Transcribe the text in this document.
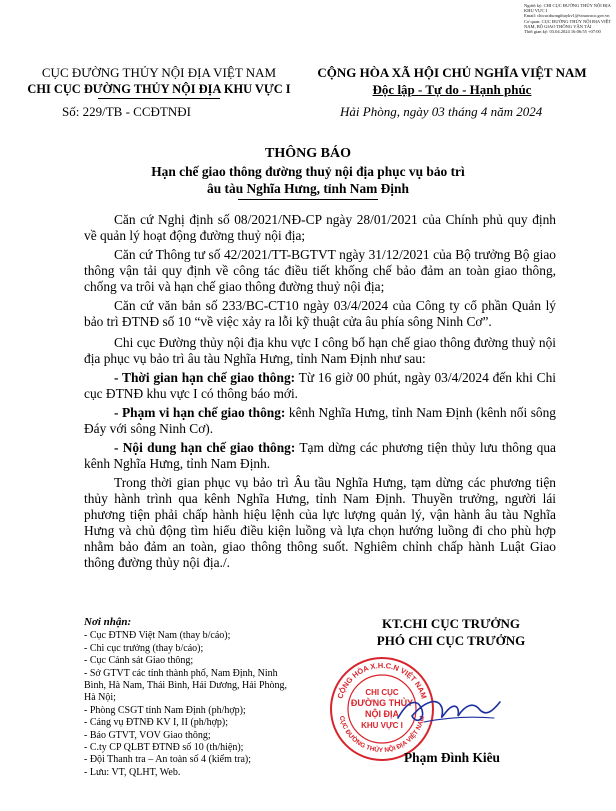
Người ký: CHI CỤC ĐƯỜNG THỦY NỘI ĐỊA KHU VỰC I
Email: chicucduongthuykv1@vinawaco.gov.vn
Cơ quan: CỤC ĐƯỜNG THỦY NỘI ĐỊA VIỆT NAM, BỘ GIAO THÔNG VẬN TẢI
Thời gian ký: 03.04.2024 16:06:55 +07:00
CỤC ĐƯỜNG THỦY NỘI ĐỊA VIỆT NAM
CHI CỤC ĐƯỜNG THỦY NỘI ĐỊA KHU VỰC I
Số: 229/TB - CCĐTNĐI
CỘNG HÒA XÃ HỘI CHỦ NGHĨA VIỆT NAM
Độc lập - Tự do - Hạnh phúc
Hải Phòng, ngày 03 tháng 4 năm 2024
THÔNG BÁO
Hạn chế giao thông đường thuỷ nội địa phục vụ bảo trì
âu tàu Nghĩa Hưng, tỉnh Nam Định

Căn cứ Nghị định số 08/2021/NĐ-CP ngày 28/01/2021 của Chính phủ quy định về quản lý hoạt động đường thuỷ nội địa;

Căn cứ Thông tư số 42/2021/TT-BGTVT ngày 31/12/2021 của Bộ trưởng Bộ giao thông vận tải quy định về công tác điều tiết khống chế bảo đảm an toàn giao thông, chống va trôi và hạn chế giao thông đường thuỷ nội địa;

Căn cứ văn bản số 233/BC-CT10 ngày 03/4/2024 của Công ty cổ phần Quản lý bảo trì ĐTNĐ số 10 “về việc xảy ra lỗi kỹ thuật cửa âu phía sông Ninh Cơ”.

Chi cục Đường thủy nội địa khu vực I công bố hạn chế giao thông đường thuỷ nội địa phục vụ bảo trì âu tàu Nghĩa Hưng, tỉnh Nam Định như sau:

- Thời gian hạn chế giao thông: Từ 16 giờ 00 phút, ngày 03/4/2024 đến khi Chi cục ĐTNĐ khu vực I có thông báo mới.

- Phạm vi hạn chế giao thông: kênh Nghĩa Hưng, tỉnh Nam Định (kênh nối sông Đáy với sông Ninh Cơ).

- Nội dung hạn chế giao thông: Tạm dừng các phương tiện thủy lưu thông qua kênh Nghĩa Hưng, tỉnh Nam Định.

Trong thời gian phục vụ bảo trì Âu tầu Nghĩa Hưng, tạm dừng các phương tiện thủy hành trình qua kênh Nghĩa Hưng, tỉnh Nam Định. Thuyền trưởng, người lái phương tiện phải chấp hành hiệu lệnh của lực lượng quản lý, vận hành âu tàu Nghĩa Hưng và chủ động tìm hiểu điều kiện luồng và lựa chọn hướng luồng đi cho phù hợp nhằm bảo đảm an toàn, giao thông thông suốt. Nghiêm chỉnh chấp hành Luật Giao thông đường thủy nội địa./.

Nơi nhận:
- Cục ĐTNĐ Việt Nam (thay b/cáo);
- Chi cục trưởng (thay b/cáo);
- Cục Cảnh sát Giao thông;
- Sở GTVT các tỉnh thành phố, Nam Định, Ninh Bình, Hà Nam, Thái Bình, Hải Dương, Hải Phòng, Hà Nội;
- Phòng CSGT tỉnh Nam Định (ph/hợp);
- Cảng vụ ĐTNĐ KV I, II (ph/hợp);
- Báo GTVT, VOV Giao thông;
- C.ty CP QLBT ĐTNĐ số 10 (th/hiện);
- Đội Thanh tra – An toàn số 4 (kiểm tra);
- Lưu: VT, QLHT, Web.
KT.CHI CỤC TRƯỞNG
PHÓ CHI CỤC TRƯỞNG
CỘNG HÒA X.H.C.N VIỆT NAM
CỤC ĐƯỜNG THỦY NỘI ĐỊA VIỆT NAM
CHI CỤC
ĐƯỜNG THỦY
NỘI ĐỊA
KHU VỰC I
Phạm Đình Kiêu
